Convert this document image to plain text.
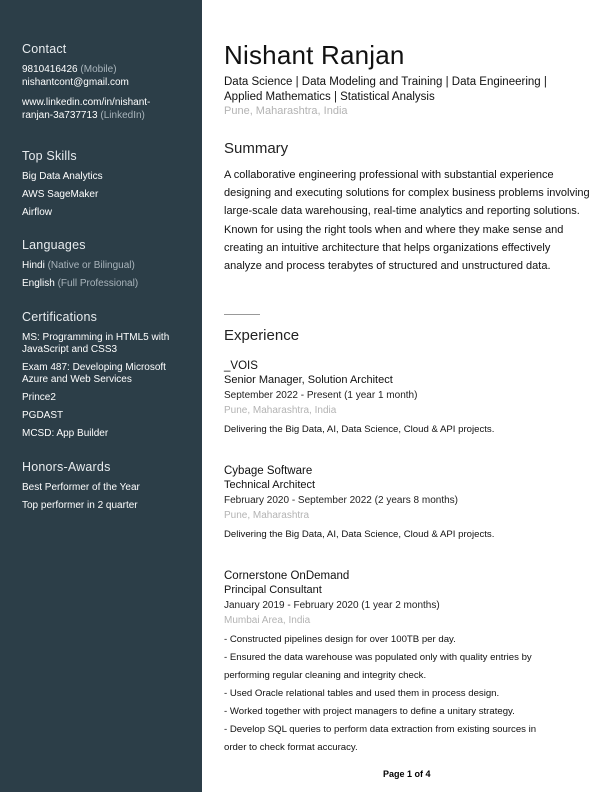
Contact
9810416426 (Mobile)
nishantcont@gmail.com
www.linkedin.com/in/nishant-
ranjan-3a737713 (LinkedIn)
Top Skills
Big Data Analytics
AWS SageMaker
Airflow
Languages
Hindi (Native or Bilingual)
English (Full Professional)
Certifications
MS: Programming in HTML5 with JavaScript and CSS3
Exam 487: Developing Microsoft Azure and Web Services
Prince2
PGDAST
MCSD: App Builder
Honors-Awards
Best Performer of the Year
Top performer in 2 quarter
Nishant Ranjan
Data Science | Data Modeling and Training | Data Engineering |
Applied Mathematics | Statistical Analysis
Pune, Maharashtra, India
Summary
A collaborative engineering professional with substantial experience designing and executing solutions for complex business problems involving large-scale data warehousing, real-time analytics and reporting solutions. Known for using the right tools when and where they make sense and creating an intuitive architecture that helps organizations effectively analyze and process terabytes of structured and unstructured data.
Experience
_VOIS
Senior Manager, Solution Architect
September 2022 - Present (1 year 1 month)
Pune, Maharashtra, India
Delivering the Big Data, AI, Data Science, Cloud & API projects.
Cybage Software
Technical Architect
February 2020 - September 2022 (2 years 8 months)
Pune, Maharashtra
Delivering the Big Data, AI, Data Science, Cloud & API projects.
Cornerstone OnDemand
Principal Consultant
January 2019 - February 2020 (1 year 2 months)
Mumbai Area, India
- Constructed pipelines design for over 100TB per day.
- Ensured the data warehouse was populated only with quality entries by
performing regular cleaning and integrity check.
- Used Oracle relational tables and used them in process design.
- Worked together with project managers to define a unitary strategy.
- Develop SQL queries to perform data extraction from existing sources in
order to check format accuracy.
Page 1 of 4
